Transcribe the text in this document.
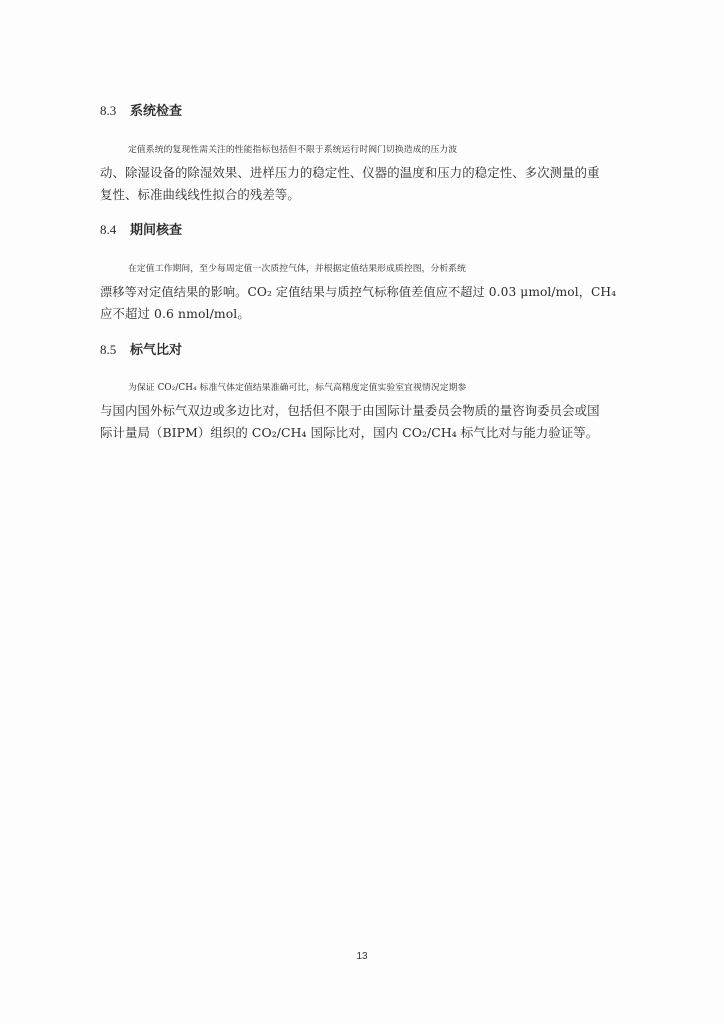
8.3 系统检查
定值系统的复现性需关注的性能指标包括但不限于系统运行时阀门切换造成的压力波
动、除湿设备的除湿效果、进样压力的稳定性、仪器的温度和压力的稳定性、多次测量的重
复性、标准曲线线性拟合的残差等。
8.4 期间核查
在定值工作期间，至少每周定值一次质控气体，并根据定值结果形成质控图，分析系统
漂移等对定值结果的影响。CO₂ 定值结果与质控气标称值差值应不超过 0.03 μmol/mol，CH₄
应不超过 0.6 nmol/mol。
8.5 标气比对
为保证 CO₂/CH₄ 标准气体定值结果准确可比，标气高精度定值实验室宜视情况定期参
与国内国外标气双边或多边比对，包括但不限于由国际计量委员会物质的量咨询委员会或国
际计量局（BIPM）组织的 CO₂/CH₄ 国际比对，国内 CO₂/CH₄ 标气比对与能力验证等。
13
